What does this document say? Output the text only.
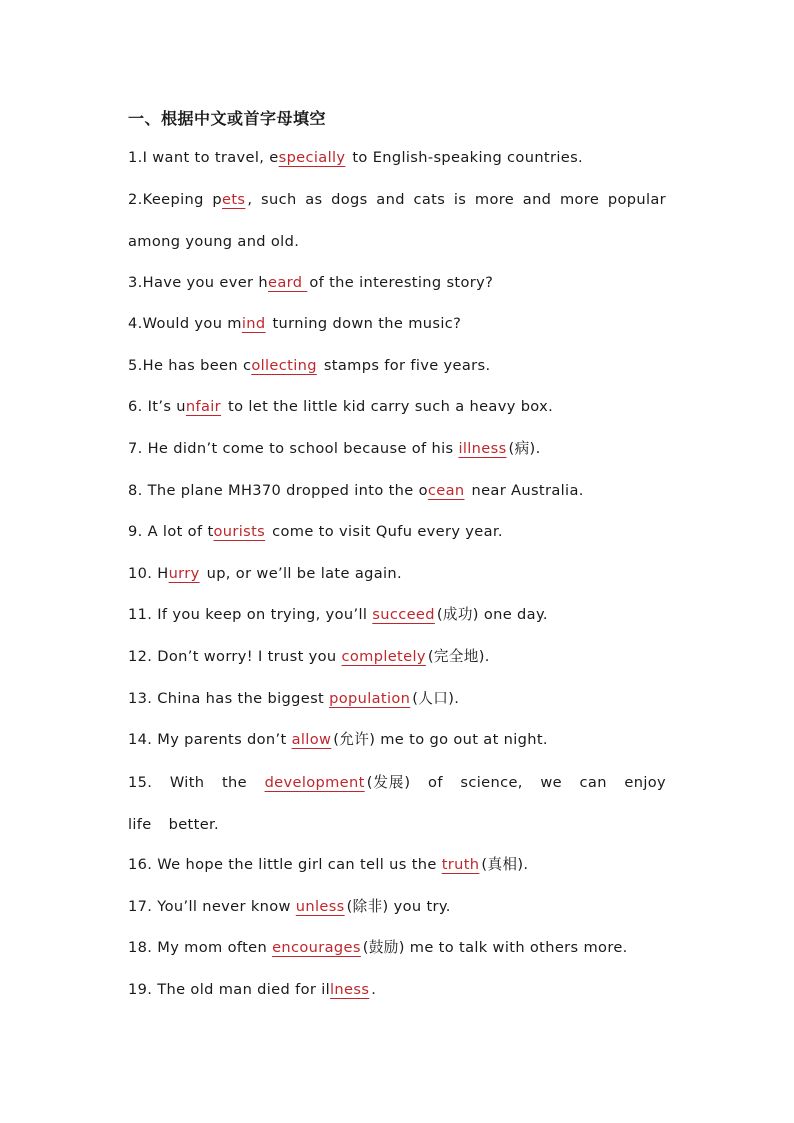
一、根据中文或首字母填空
1.I want to travel, especially to English-speaking countries.
2.Keeping pets , such as dogs and cats is more and more popular among young and old.
3.Have you ever heard of the interesting story?
4.Would you mind turning down the music?
5.He has been collecting stamps for five years.
6. It’s unfair to let the little kid carry such a heavy box.
7. He didn’t come to school because of his illness (病).
8. The plane MH370 dropped into the ocean near Australia.
9. A lot of tourists come to visit Qufu every year.
10. Hurry up, or we’ll be late again.
11. If you keep on trying, you’ll succeed (成功) one day.
12. Don’t worry! I trust you completely (完全地).
13. China has the biggest population (人口).
14. My parents don’t allow (允许) me to go out at night.
15. With the development (发展) of science, we can enjoy life better.
16. We hope the little girl can tell us the truth (真相).
17. You’ll never know unless (除非) you try.
18. My mom often encourages (鼓励) me to talk with others more.
19. The old man died for illness .
